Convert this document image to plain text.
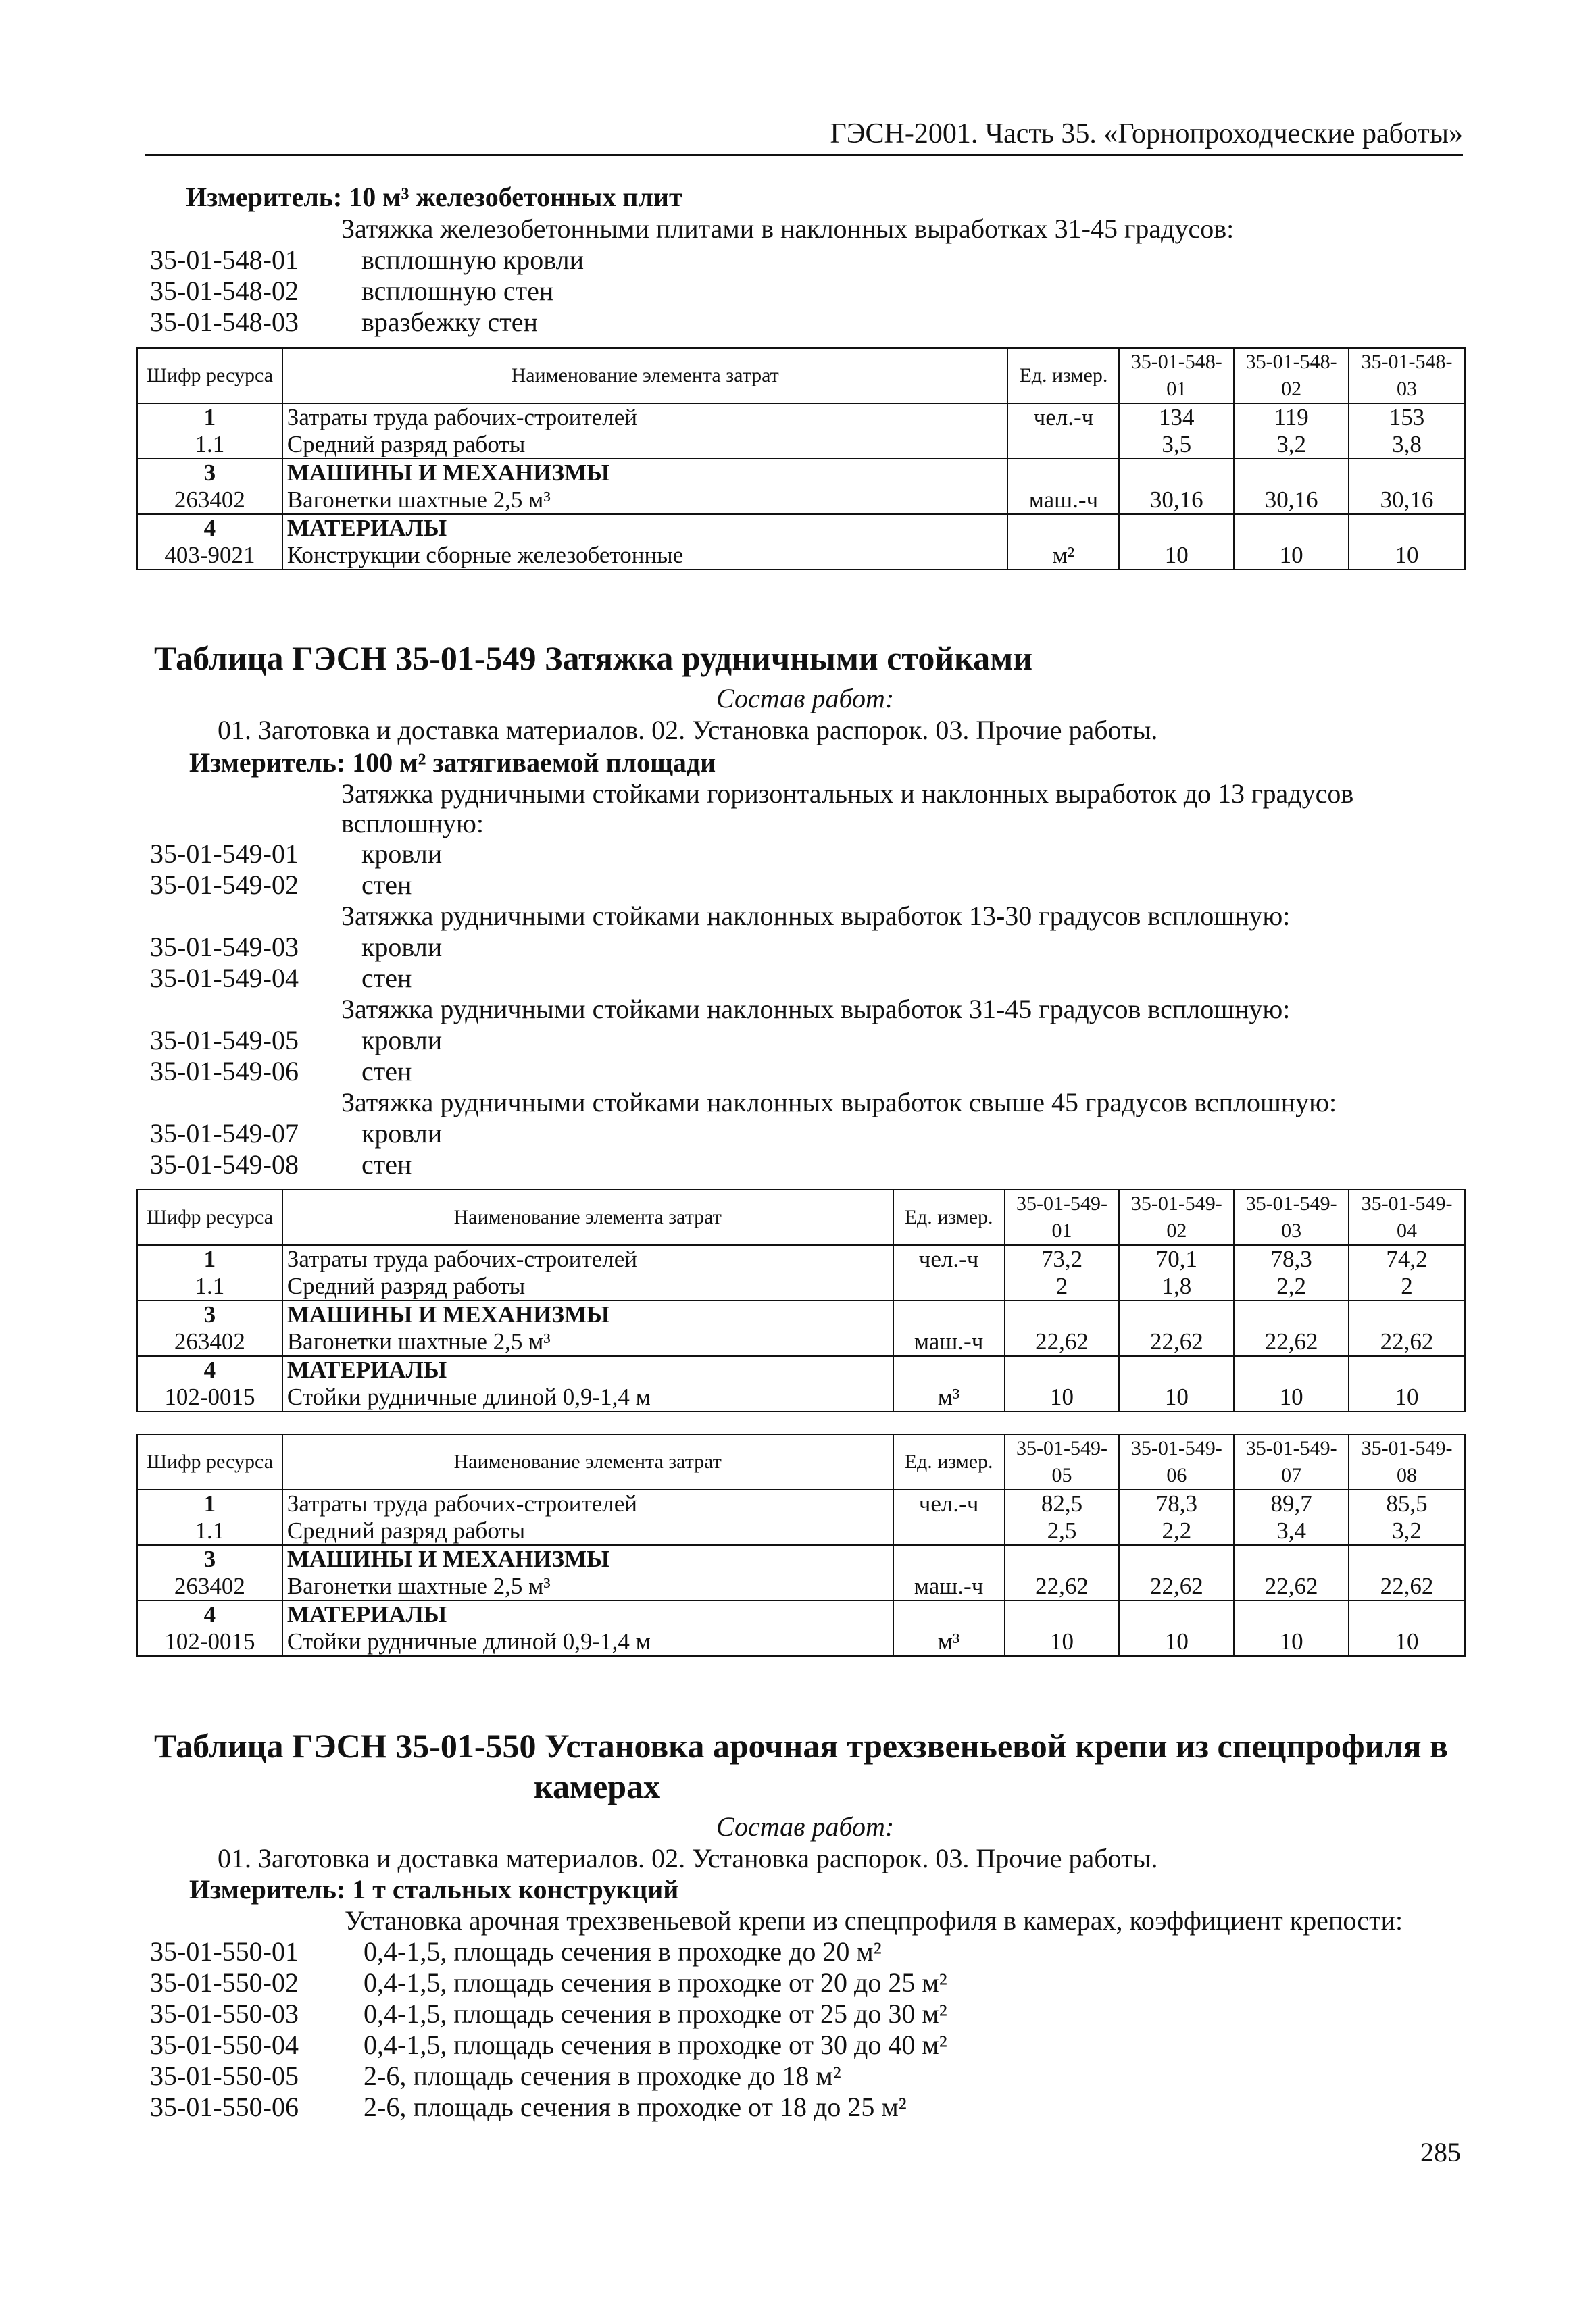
ГЭСН-2001. Часть 35. «Горнопроходческие работы»
Измеритель: 10 м³ железобетонных плит
Затяжка железобетонными плитами в наклонных выработках 31-45 градусов:
35-01-548-01 всплошную кровли
35-01-548-02 всплошную стен
35-01-548-03 вразбежку стен
Шифр ресурса	Наименование элемента затрат	Ед. измер.	35-01-548-01	35-01-548-02	35-01-548-03
1	Затраты труда рабочих-строителей	чел.-ч	134	119	153
1.1	Средний разряд работы		3,5	3,2	3,8
3	МАШИНЫ И МЕХАНИЗМЫ				
263402	Вагонетки шахтные 2,5 м³	маш.-ч	30,16	30,16	30,16
4	МАТЕРИАЛЫ				
403-9021	Конструкции сборные железобетонные	м²	10	10	10
Таблица ГЭСН 35-01-549 Затяжка рудничными стойками
Состав работ:
01. Заготовка и доставка материалов. 02. Установка распорок. 03. Прочие работы.
Измеритель: 100 м² затягиваемой площади
Затяжка рудничными стойками горизонтальных и наклонных выработок до 13 градусов
всплошную:
35-01-549-01 кровли
35-01-549-02 стен
Затяжка рудничными стойками наклонных выработок 13-30 градусов всплошную:
35-01-549-03 кровли
35-01-549-04 стен
Затяжка рудничными стойками наклонных выработок 31-45 градусов всплошную:
35-01-549-05 кровли
35-01-549-06 стен
Затяжка рудничными стойками наклонных выработок свыше 45 градусов всплошную:
35-01-549-07 кровли
35-01-549-08 стен
Шифр ресурса	Наименование элемента затрат	Ед. измер.	35-01-549-01	35-01-549-02	35-01-549-03	35-01-549-04
1	Затраты труда рабочих-строителей	чел.-ч	73,2	70,1	78,3	74,2
1.1	Средний разряд работы		2	1,8	2,2	2
3	МАШИНЫ И МЕХАНИЗМЫ					
263402	Вагонетки шахтные 2,5 м³	маш.-ч	22,62	22,62	22,62	22,62
4	МАТЕРИАЛЫ					
102-0015	Стойки рудничные длиной 0,9-1,4 м	м³	10	10	10	10
Шифр ресурса	Наименование элемента затрат	Ед. измер.	35-01-549-05	35-01-549-06	35-01-549-07	35-01-549-08
1	Затраты труда рабочих-строителей	чел.-ч	82,5	78,3	89,7	85,5
1.1	Средний разряд работы		2,5	2,2	3,4	3,2
3	МАШИНЫ И МЕХАНИЗМЫ					
263402	Вагонетки шахтные 2,5 м³	маш.-ч	22,62	22,62	22,62	22,62
4	МАТЕРИАЛЫ					
102-0015	Стойки рудничные длиной 0,9-1,4 м	м³	10	10	10	10
Таблица ГЭСН 35-01-550 Установка арочная трехзвеньевой крепи из спецпрофиля в
камерах
Состав работ:
01. Заготовка и доставка материалов. 02. Установка распорок. 03. Прочие работы.
Измеритель: 1 т стальных конструкций
Установка арочная трехзвеньевой крепи из спецпрофиля в камерах, коэффициент крепости:
35-01-550-01 0,4-1,5, площадь сечения в проходке до 20 м²
35-01-550-02 0,4-1,5, площадь сечения в проходке от 20 до 25 м²
35-01-550-03 0,4-1,5, площадь сечения в проходке от 25 до 30 м²
35-01-550-04 0,4-1,5, площадь сечения в проходке от 30 до 40 м²
35-01-550-05 2-6, площадь сечения в проходке до 18 м²
35-01-550-06 2-6, площадь сечения в проходке от 18 до 25 м²
285
